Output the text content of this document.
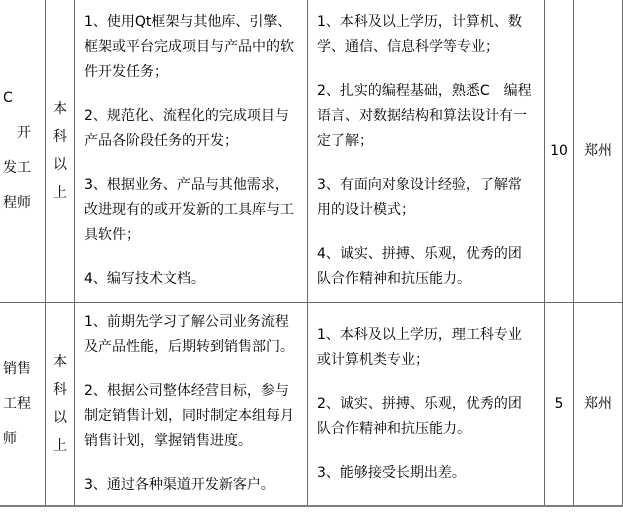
C
　开
发工
程师
本
科
以
上
1、使用Qt框架与其他库、引擎、框架或平台完成项目与产品中的软件开发任务；
2、规范化、流程化的完成项目与产品各阶段任务的开发；
3、根据业务、产品与其他需求，改进现有的或开发新的工具库与工具软件；
4、编写技术文档。
1、本科及以上学历，计算机、数学、通信、信息科学等专业；
2、扎实的编程基础，熟悉C　编程语言、对数据结构和算法设计有一定了解；
3、有面向对象设计经验，了解常用的设计模式；
4、诚实、拼搏、乐观，优秀的团队合作精神和抗压能力。
10	郑州
销售
工程
师
本
科
以
上
1、前期先学习了解公司业务流程及产品性能，后期转到销售部门。
2、根据公司整体经营目标，参与制定销售计划，同时制定本组每月销售计划，掌握销售进度。
3、通过各种渠道开发新客户。
1、本科及以上学历，理工科专业或计算机类专业；
2、诚实、拼搏、乐观，优秀的团队合作精神和抗压能力。
3、能够接受长期出差。
5	郑州
